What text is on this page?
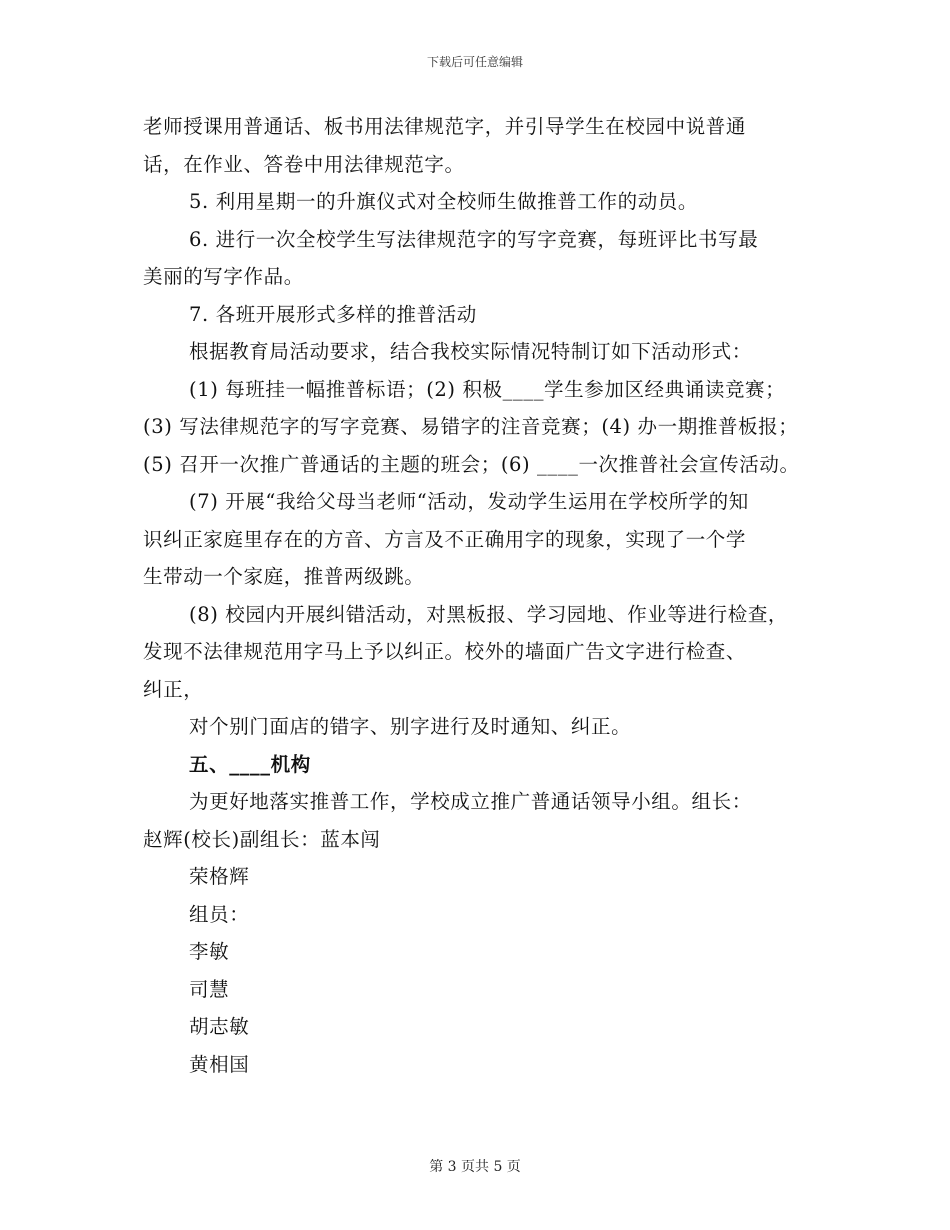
下载后可任意编辑
老师授课用普通话、板书用法律规范字，并引导学生在校园中说普通
话，在作业、答卷中用法律规范字。
5. 利用星期一的升旗仪式对全校师生做推普工作的动员。
6. 进行一次全校学生写法律规范字的写字竞赛，每班评比书写最
美丽的写字作品。
7. 各班开展形式多样的推普活动
根据教育局活动要求，结合我校实际情况特制订如下活动形式：
(1) 每班挂一幅推普标语；(2) 积极____学生参加区经典诵读竞赛；
(3) 写法律规范字的写字竞赛、易错字的注音竞赛；(4) 办一期推普板报；
(5) 召开一次推广普通话的主题的班会；(6) ____一次推普社会宣传活动。
(7) 开展“我给父母当老师“活动，发动学生运用在学校所学的知
识纠正家庭里存在的方音、方言及不正确用字的现象，实现了一个学
生带动一个家庭，推普两级跳。
(8) 校园内开展纠错活动，对黑板报、学习园地、作业等进行检查，
发现不法律规范用字马上予以纠正。校外的墙面广告文字进行检查、
纠正，
对个别门面店的错字、别字进行及时通知、纠正。
五、____机构
为更好地落实推普工作，学校成立推广普通话领导小组。组长：
赵辉(校长)副组长：蓝本闯
荣格辉
组员：
李敏
司慧
胡志敏
黄相国
第 3 页共 5 页
